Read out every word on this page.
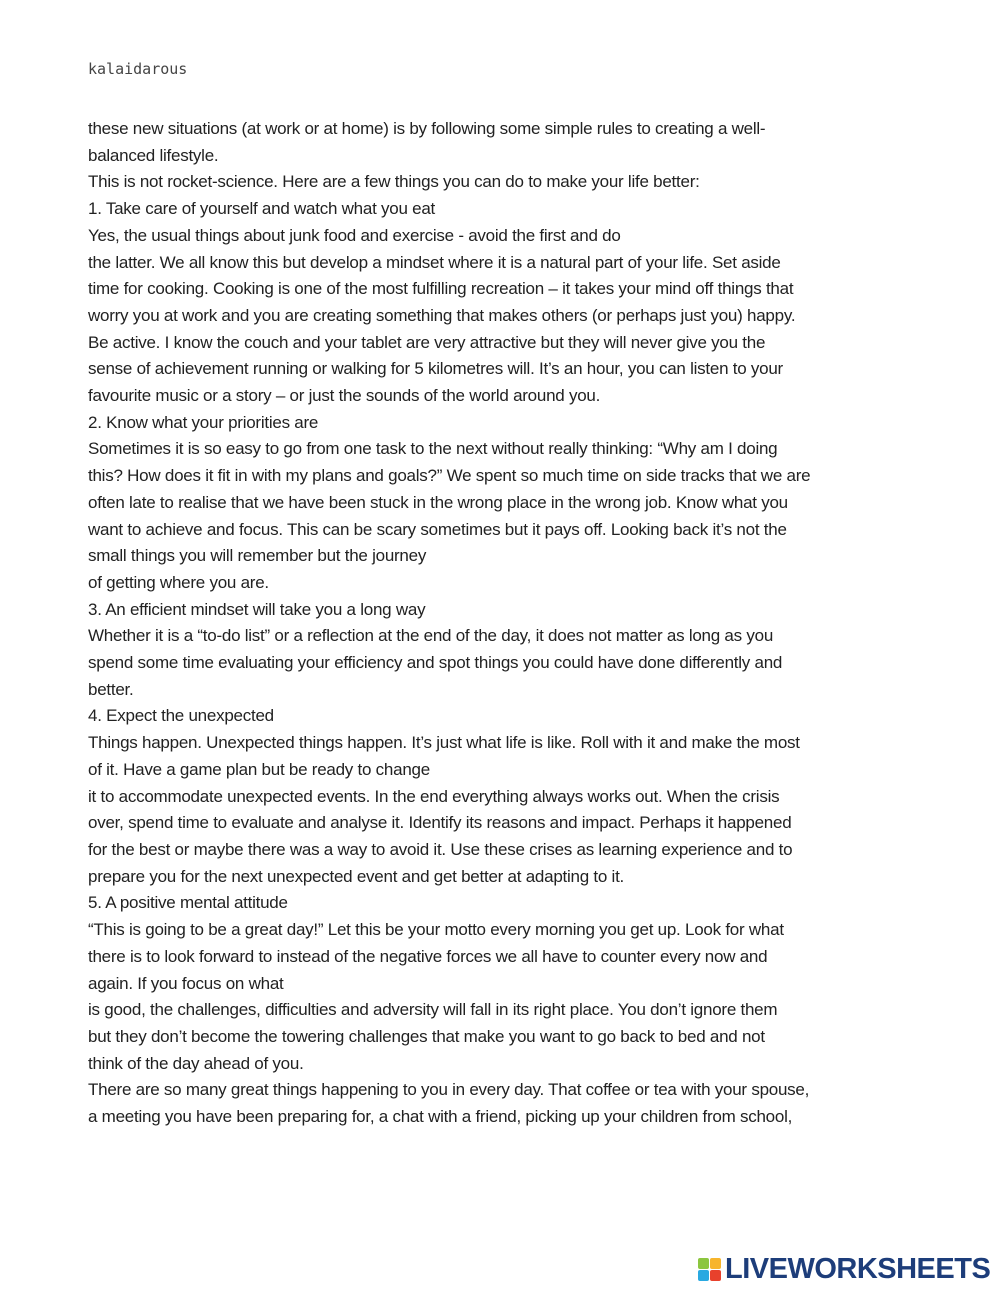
kalaidarous
these new situations (at work or at home) is by following some simple rules to creating a well-
balanced lifestyle.
This is not rocket-science. Here are a few things you can do to make your life better:
1. Take care of yourself and watch what you eat
Yes, the usual things about junk food and exercise - avoid the first and do
the latter. We all know this but develop a mindset where it is a natural part of your life. Set aside
time for cooking. Cooking is one of the most fulfilling recreation – it takes your mind off things that
worry you at work and you are creating something that makes others (or perhaps just you) happy.
Be active. I know the couch and your tablet are very attractive but they will never give you the
sense of achievement running or walking for 5 kilometres will. It’s an hour, you can listen to your
favourite music or a story – or just the sounds of the world around you.
2. Know what your priorities are
Sometimes it is so easy to go from one task to the next without really thinking: “Why am I doing
this? How does it fit in with my plans and goals?” We spent so much time on side tracks that we are
often late to realise that we have been stuck in the wrong place in the wrong job. Know what you
want to achieve and focus. This can be scary sometimes but it pays off. Looking back it’s not the
small things you will remember but the journey
of getting where you are.
3. An efficient mindset will take you a long way
Whether it is a “to-do list” or a reflection at the end of the day, it does not matter as long as you
spend some time evaluating your efficiency and spot things you could have done differently and
better.
4. Expect the unexpected
Things happen. Unexpected things happen. It’s just what life is like. Roll with it and make the most
of it. Have a game plan but be ready to change
it to accommodate unexpected events. In the end everything always works out. When the crisis
over, spend time to evaluate and analyse it. Identify its reasons and impact. Perhaps it happened
for the best or maybe there was a way to avoid it. Use these crises as learning experience and to
prepare you for the next unexpected event and get better at adapting to it.
5. A positive mental attitude
“This is going to be a great day!” Let this be your motto every morning you get up. Look for what
there is to look forward to instead of the negative forces we all have to counter every now and
again. If you focus on what
is good, the challenges, difficulties and adversity will fall in its right place. You don’t ignore them
but they don’t become the towering challenges that make you want to go back to bed and not
think of the day ahead of you.
There are so many great things happening to you in every day. That coffee or tea with your spouse,
a meeting you have been preparing for, a chat with a friend, picking up your children from school,
LIVEWORKSHEETS
